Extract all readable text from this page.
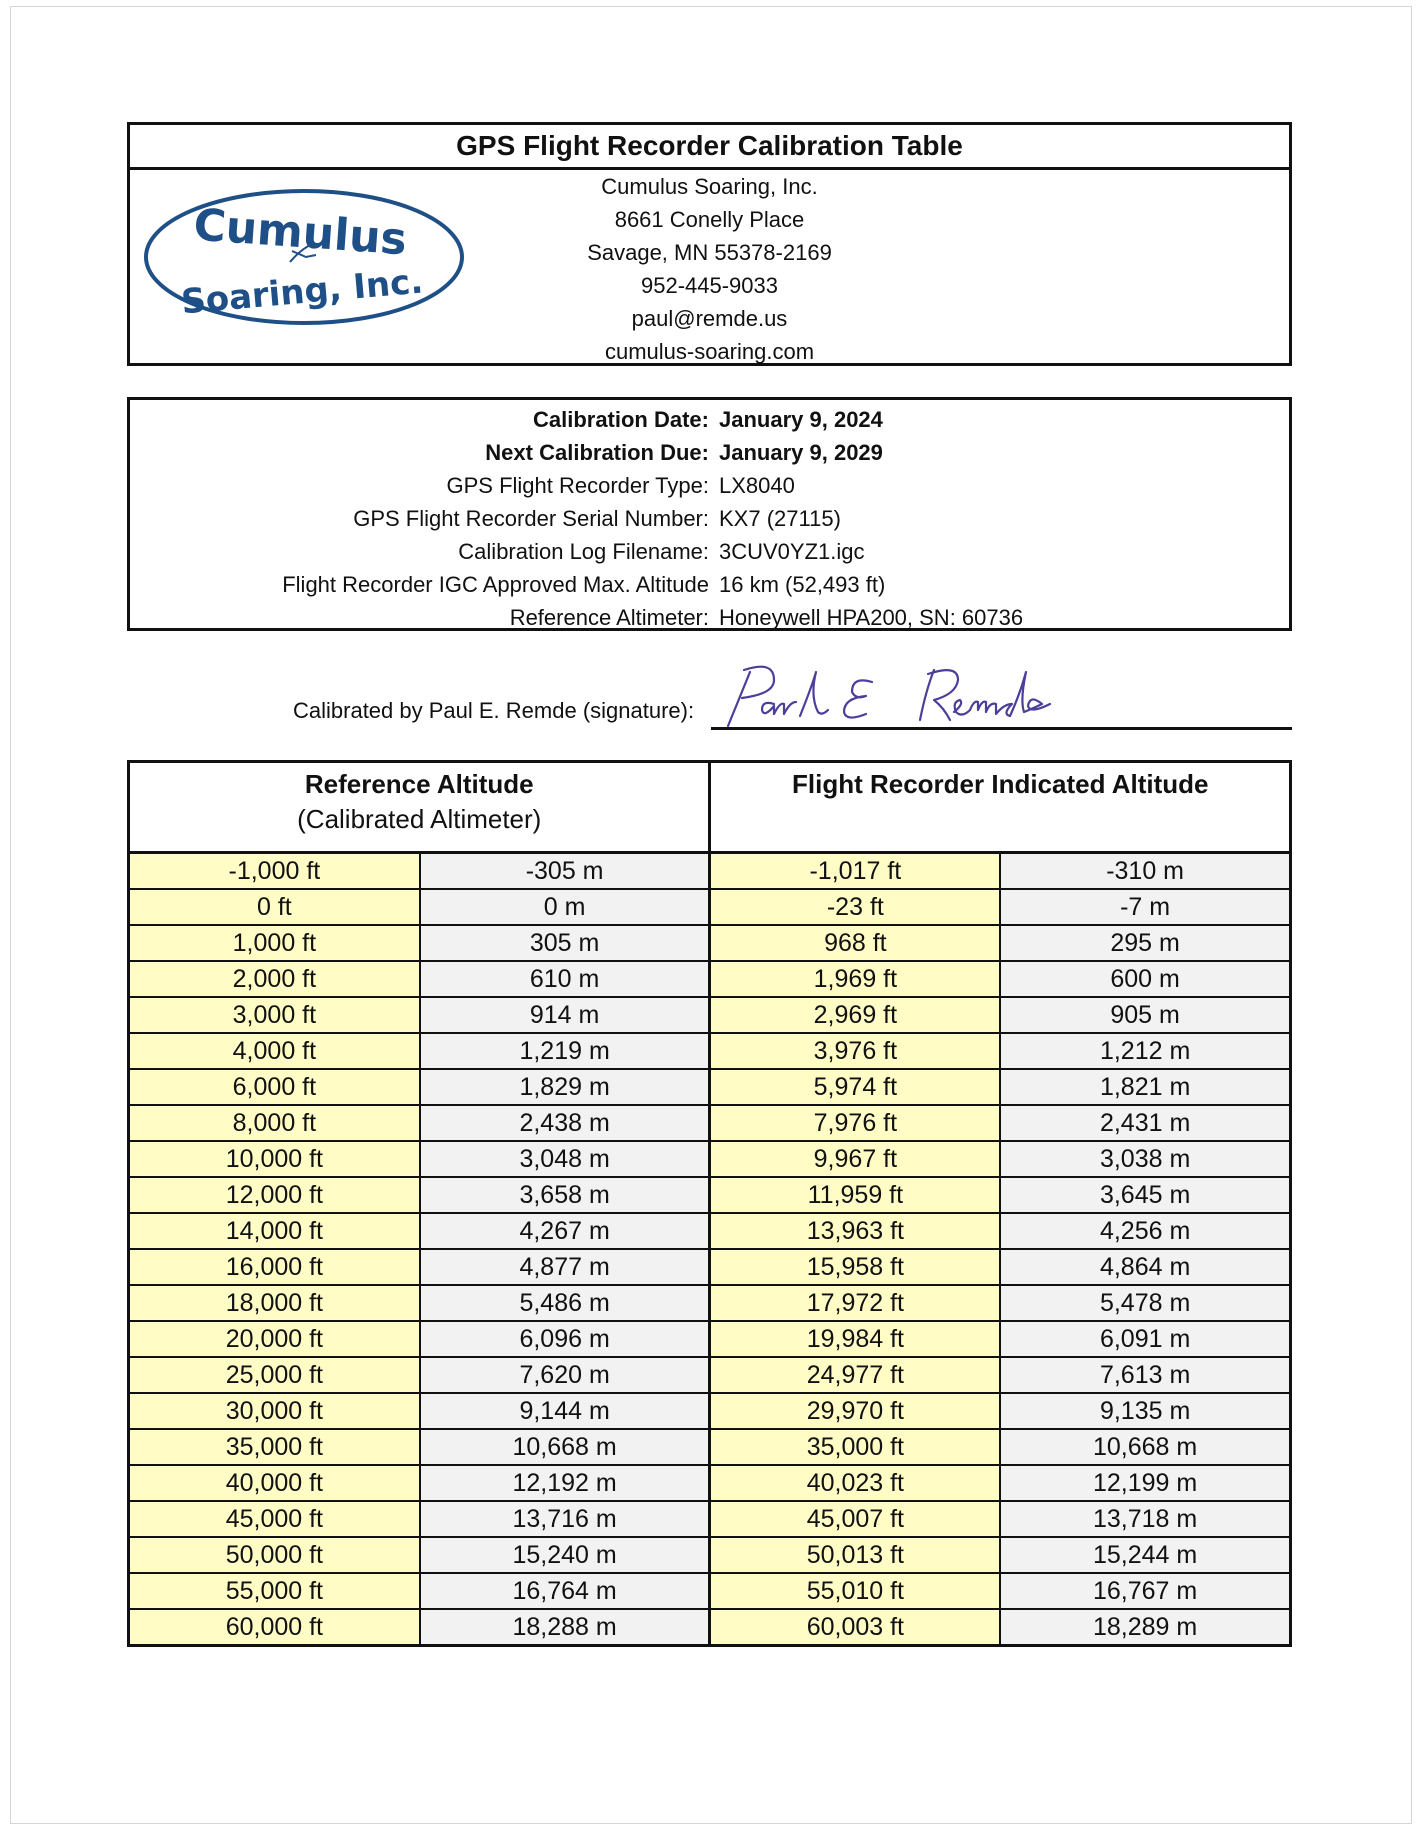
GPS Flight Recorder Calibration Table
Cumulus
Soaring, Inc.
Cumulus Soaring, Inc.
8661 Conelly Place
Savage, MN 55378-2169
952-445-9033
paul@remde.us
cumulus-soaring.com
Calibration Date:	January 9, 2024
Next Calibration Due:	January 9, 2029
GPS Flight Recorder Type:	LX8040
GPS Flight Recorder Serial Number:	KX7 (27115)
Calibration Log Filename:	3CUV0YZ1.igc
Flight Recorder IGC Approved Max. Altitude	16 km (52,493 ft)
Reference Altimeter:	Honeywell HPA200, SN: 60736
Calibrated by Paul E. Remde (signature):
Reference Altitude
(Calibrated Altimeter)		Flight Recorder Indicated Altitude	

-1,000 ft	-305 m	-1,017 ft	-310 m
0 ft	0 m	-23 ft	-7 m
1,000 ft	305 m	968 ft	295 m
2,000 ft	610 m	1,969 ft	600 m
3,000 ft	914 m	2,969 ft	905 m
4,000 ft	1,219 m	3,976 ft	1,212 m
6,000 ft	1,829 m	5,974 ft	1,821 m
8,000 ft	2,438 m	7,976 ft	2,431 m
10,000 ft	3,048 m	9,967 ft	3,038 m
12,000 ft	3,658 m	11,959 ft	3,645 m
14,000 ft	4,267 m	13,963 ft	4,256 m
16,000 ft	4,877 m	15,958 ft	4,864 m
18,000 ft	5,486 m	17,972 ft	5,478 m
20,000 ft	6,096 m	19,984 ft	6,091 m
25,000 ft	7,620 m	24,977 ft	7,613 m
30,000 ft	9,144 m	29,970 ft	9,135 m
35,000 ft	10,668 m	35,000 ft	10,668 m
40,000 ft	12,192 m	40,023 ft	12,199 m
45,000 ft	13,716 m	45,007 ft	13,718 m
50,000 ft	15,240 m	50,013 ft	15,244 m
55,000 ft	16,764 m	55,010 ft	16,767 m
60,000 ft	18,288 m	60,003 ft	18,289 m
